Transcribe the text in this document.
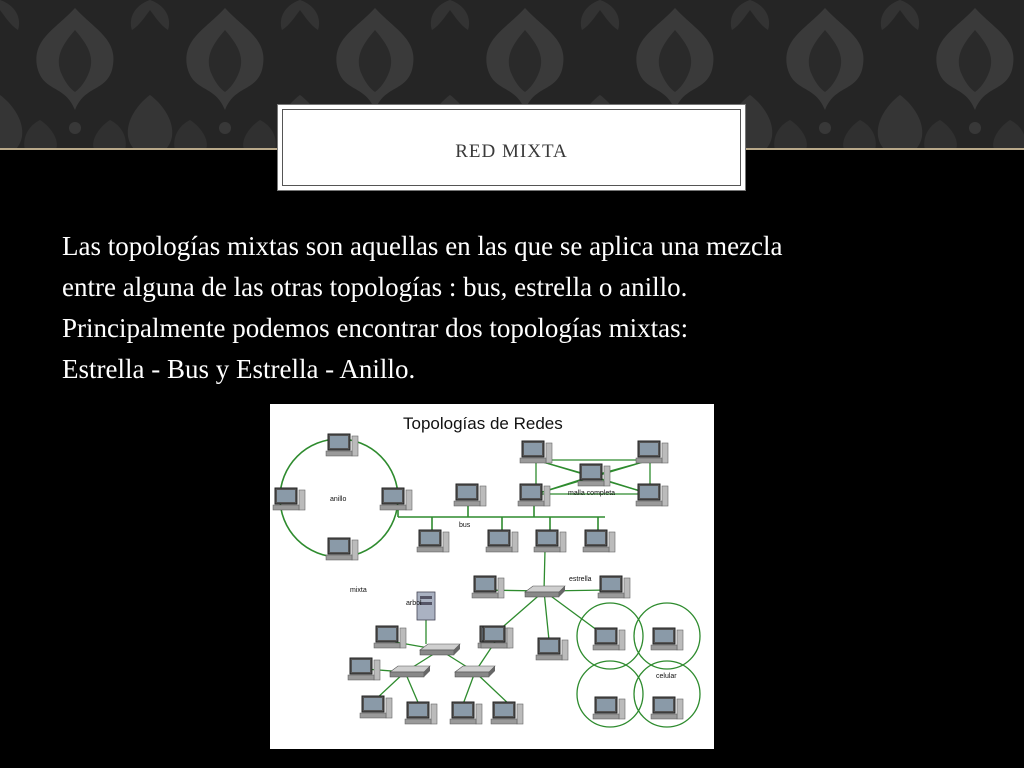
RED MIXTA

Las topologías mixtas son aquellas en las que se aplica una mezcla

entre alguna de las otras topologías : bus, estrella o anillo.

Principalmente podemos encontrar dos topologías mixtas:

Estrella - Bus y Estrella - Anillo.

Topologías de Redes
anillo
bus
malla completa
estrella
mixta
arbol
celular
